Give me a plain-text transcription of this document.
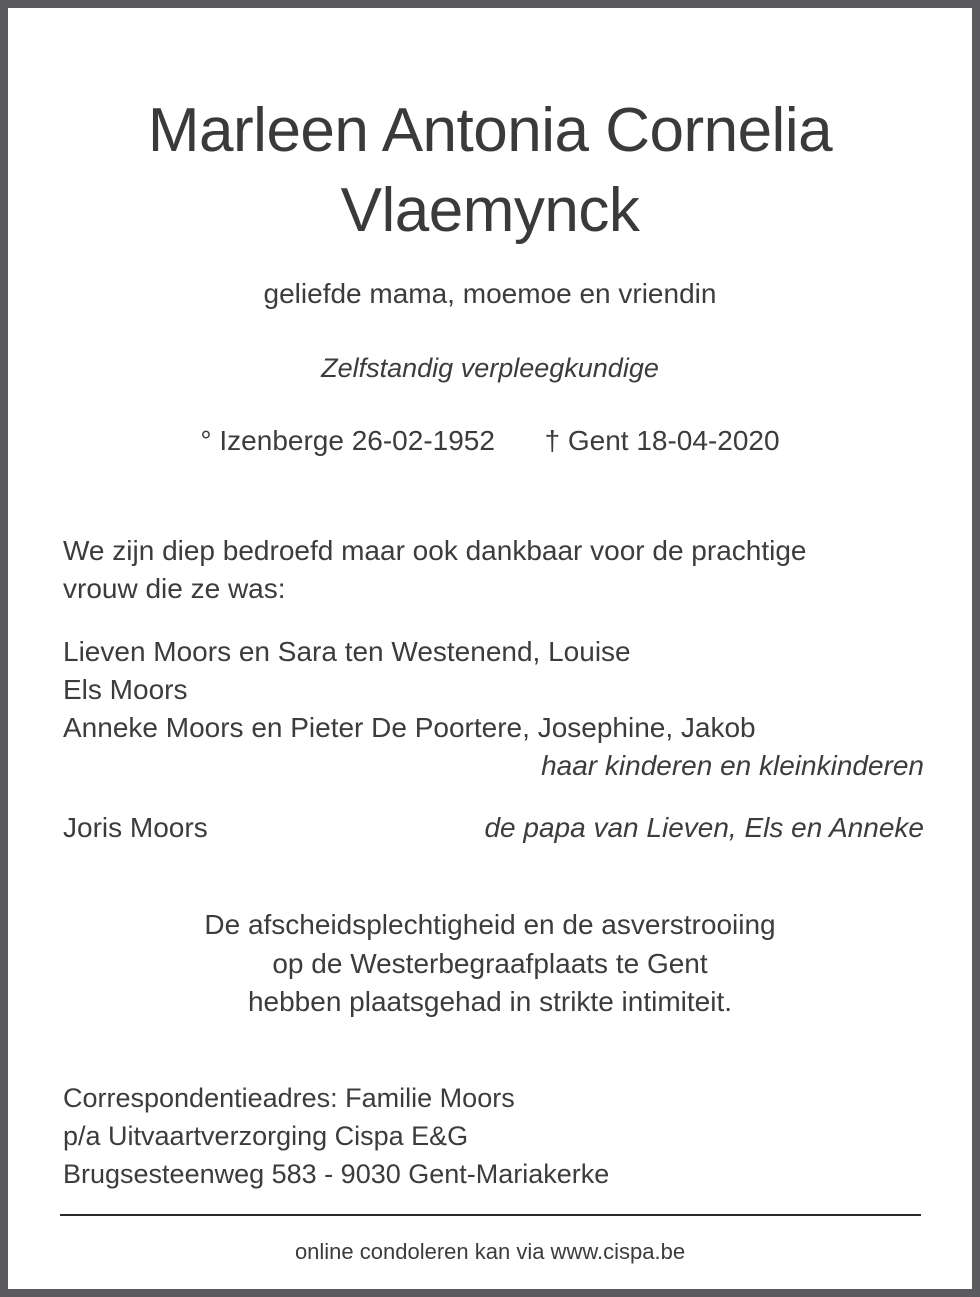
Marleen Antonia Cornelia
Vlaemynck
geliefde mama, moemoe en vriendin
Zelfstandig verpleegkundige
° Izenberge 26-02-1952 † Gent 18-04-2020
We zijn diep bedroefd maar ook dankbaar voor de prachtige
vrouw die ze was:
Lieven Moors en Sara ten Westenend, Louise
Els Moors
Anneke Moors en Pieter De Poortere, Josephine, Jakob
haar kinderen en kleinkinderen
Joris Moors	de papa van Lieven, Els en Anneke
De afscheidsplechtigheid en de asverstrooiing
op de Westerbegraafplaats te Gent
hebben plaatsgehad in strikte intimiteit.
Correspondentieadres: Familie Moors
p/a Uitvaartverzorging Cispa E&G
Brugsesteenweg 583 - 9030 Gent-Mariakerke
online condoleren kan via www.cispa.be
